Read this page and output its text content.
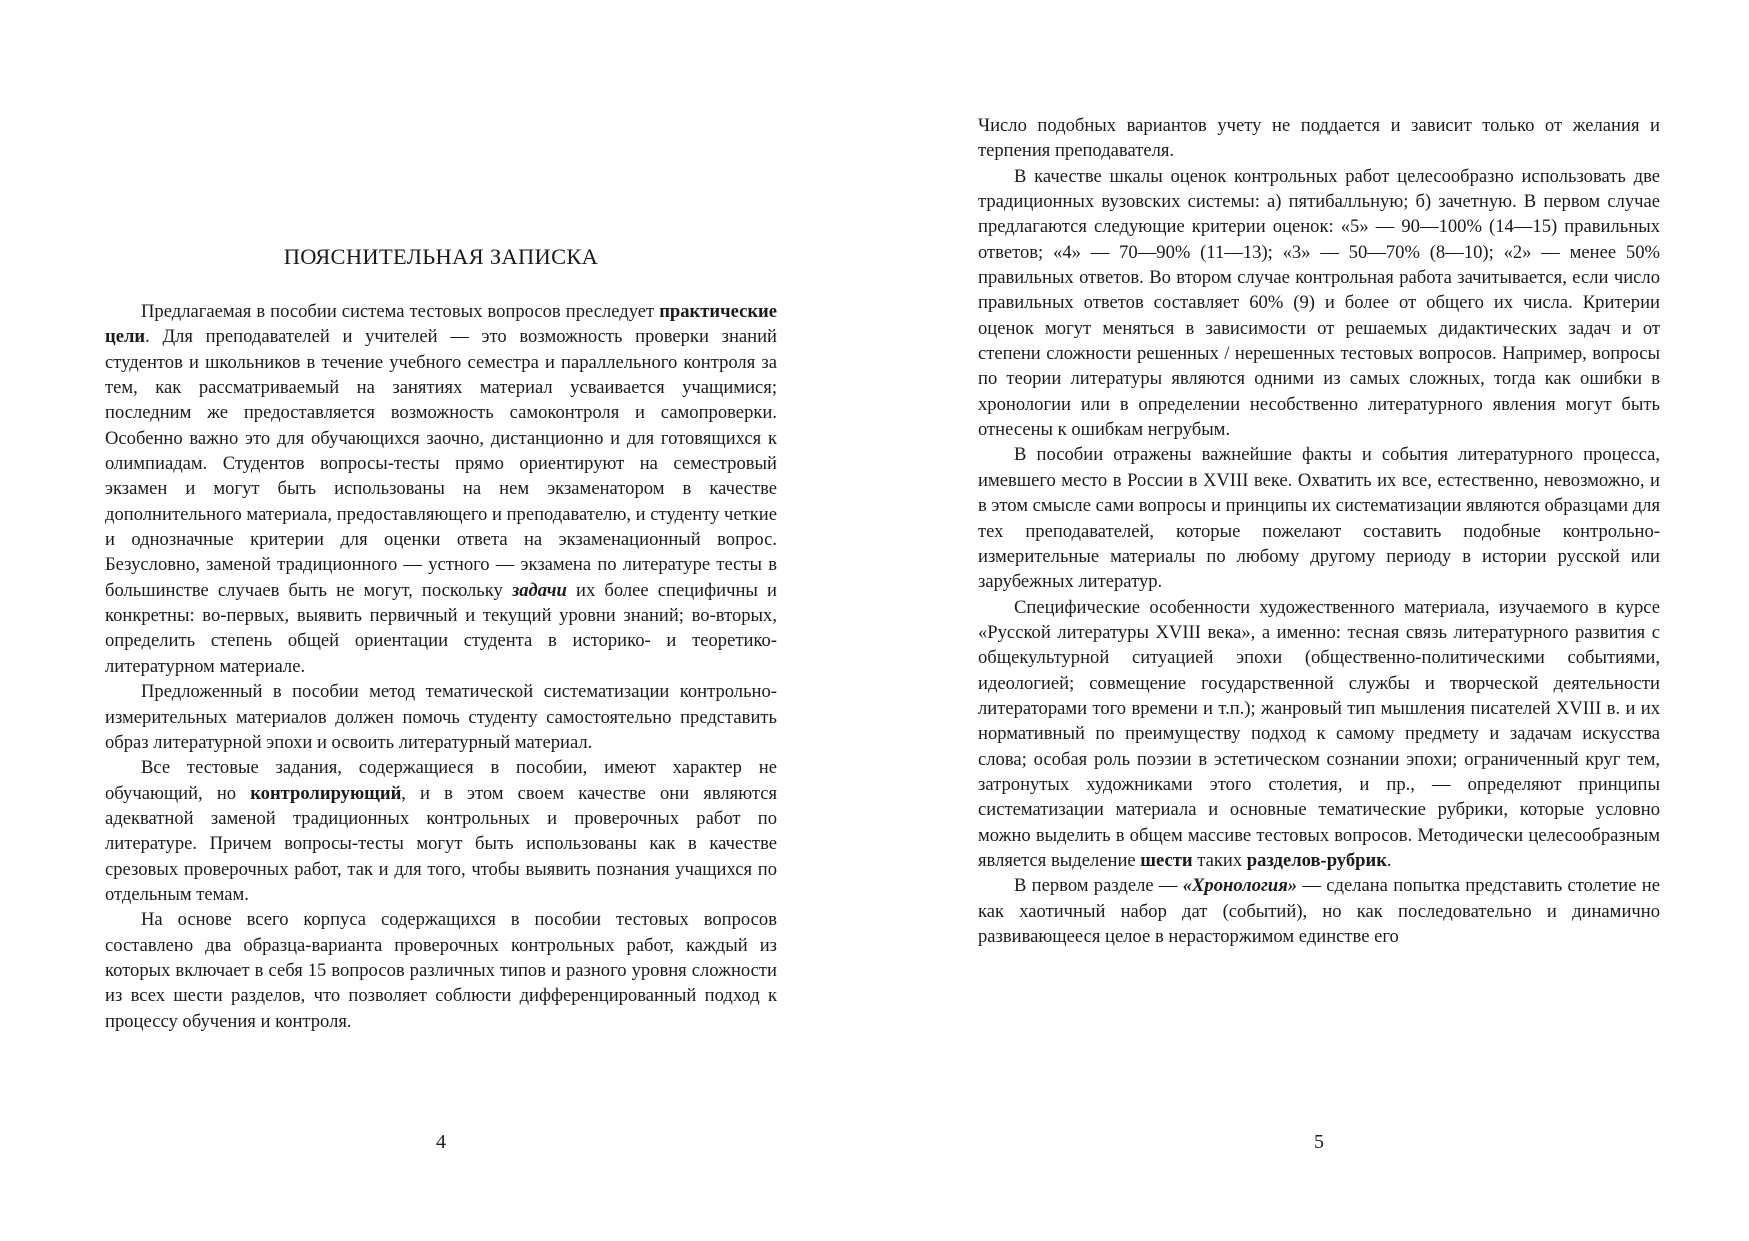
ПОЯСНИТЕЛЬНАЯ ЗАПИСКА

Предлагаемая в пособии система тестовых вопросов преследует практические цели. Для преподавателей и учителей — это возможность проверки знаний студентов и школьников в течение учебного семестра и параллельного контроля за тем, как рассматриваемый на занятиях материал усваивается учащимися; последним же предоставляется возможность самоконтроля и самопроверки. Особенно важно это для обучающихся заочно, дистанционно и для готовящихся к олимпиадам. Студентов вопросы-тесты прямо ориентируют на семестровый экзамен и могут быть использованы на нем экзаменатором в качестве дополнительного материала, предоставляющего и преподавателю, и студенту четкие и однозначные критерии для оценки ответа на экзаменационный вопрос. Безусловно, заменой традиционного — устного — экзамена по литературе тесты в большинстве случаев быть не могут, поскольку задачи их более специфичны и конкретны: во-первых, выявить первичный и текущий уровни знаний; во-вторых, определить степень общей ориентации студента в историко- и теоретико-литературном материале.

Предложенный в пособии метод тематической систематизации контрольно-измерительных материалов должен помочь студенту самостоятельно представить образ литературной эпохи и освоить литературный материал.

Все тестовые задания, содержащиеся в пособии, имеют характер не обучающий, но контролирующий, и в этом своем качестве они являются адекватной заменой традиционных контрольных и проверочных работ по литературе. Причем вопросы-тесты могут быть использованы как в качестве срезовых проверочных работ, так и для того, чтобы выявить познания учащихся по отдельным темам.

На основе всего корпуса содержащихся в пособии тестовых вопросов составлено два образца-варианта проверочных контрольных работ, каждый из которых включает в себя 15 вопросов различных типов и разного уровня сложности из всех шести разделов, что позволяет соблюсти дифференцированный подход к процессу обучения и контроля.

4

Число подобных вариантов учету не поддается и зависит только от желания и терпения преподавателя.

В качестве шкалы оценок контрольных работ целесообразно использовать две традиционных вузовских системы: а) пятибалльную; б) зачетную. В первом случае предлагаются следующие критерии оценок: «5» — 90—100% (14—15) правильных ответов; «4» — 70—90% (11—13); «3» — 50—70% (8—10); «2» — менее 50% правильных ответов. Во втором случае контрольная работа зачитывается, если число правильных ответов составляет 60% (9) и более от общего их числа. Критерии оценок могут меняться в зависимости от решаемых дидактических задач и от степени сложности решенных / нерешенных тестовых вопросов. Например, вопросы по теории литературы являются одними из самых сложных, тогда как ошибки в хронологии или в определении несобственно литературного явления могут быть отнесены к ошибкам негрубым.

В пособии отражены важнейшие факты и события литературного процесса, имевшего место в России в XVIII веке. Охватить их все, естественно, невозможно, и в этом смысле сами вопросы и принципы их систематизации являются образцами для тех преподавателей, которые пожелают составить подобные контрольно-измерительные материалы по любому другому периоду в истории русской или зарубежных литератур.

Специфические особенности художественного материала, изучаемого в курсе «Русской литературы XVIII века», а именно: тесная связь литературного развития с общекультурной ситуацией эпохи (общественно-политическими событиями, идеологией; совмещение государственной службы и творческой деятельности литераторами того времени и т.п.); жанровый тип мышления писателей XVIII в. и их нормативный по преимуществу подход к самому предмету и задачам искусства слова; особая роль поэзии в эстетическом сознании эпохи; ограниченный круг тем, затронутых художниками этого столетия, и пр., — определяют принципы систематизации материала и основные тематические рубрики, которые условно можно выделить в общем массиве тестовых вопросов. Методически целесообразным является выделение шести таких разделов-рубрик.

В первом разделе — «Хронология» — сделана попытка представить столетие не как хаотичный набор дат (событий), но как последовательно и динамично развивающееся целое в нерасторжимом единстве его

5
